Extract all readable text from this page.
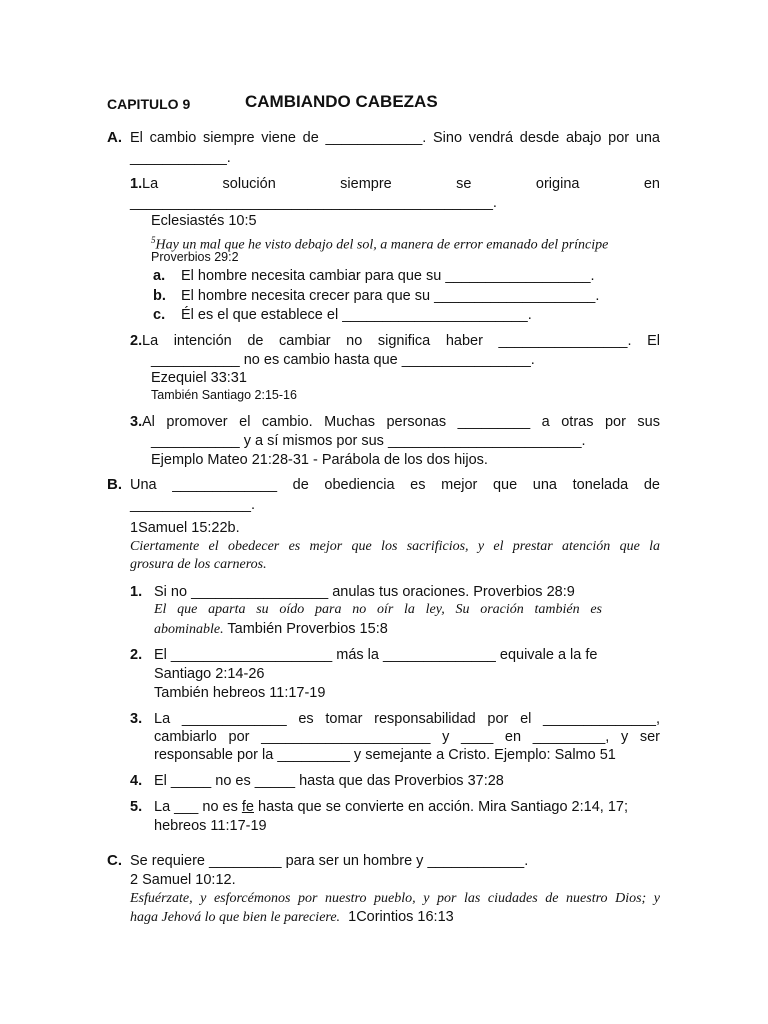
CAPITULO 9	CAMBIANDO CABEZAS
A. El cambio siempre viene de ____________. Sino vendrá desde abajo por una
____________.
1. La solución siempre se origina en
_____________________________________________.
Eclesiastés 10:5
$^5$Hay un mal que he visto debajo del sol, a manera de error emanado del príncipe
Proverbios 29:2
a. El hombre necesita cambiar para que su __________________.
b. El hombre necesita crecer para que su ____________________.
c. Él es el que establece el _______________________.
2. La intención de cambiar no significa haber ________________. El
___________ no es cambio hasta que ________________.
Ezequiel 33:31
También Santiago 2:15-16
3. Al promover el cambio. Muchas personas _________ a otras por sus
___________ y a sí mismos por sus ________________________.
Ejemplo Mateo 21:28-31 - Parábola de los dos hijos.
B. Una _____________ de obediencia es mejor que una tonelada de
_______________.
1Samuel 15:22b.
Ciertamente el obedecer es mejor que los sacrificios, y el prestar atención que la
grosura de los carneros.
1. Si no _________________ anulas tus oraciones. Proverbios 28:9
El que aparta su oído para no oír la ley, Su oración también es
abominable. También Proverbios 15:8
2. El ____________________ más la ______________ equivale a la fe
Santiago 2:14-26
También hebreos 11:17-19
3. La _____________ es tomar responsabilidad por el ______________,
cambiarlo por _____________________ y ____ en _________, y ser
responsable por la _________ y semejante a Cristo. Ejemplo: Salmo 51
4. El _____ no es _____ hasta que das Proverbios 37:28
5. La ___ no es fe hasta que se convierte en acción. Mira Santiago 2:14, 17;
hebreos 11:17-19
C. Se requiere _________ para ser un hombre y ____________.
2 Samuel 10:12.
Esfuérzate, y esforcémonos por nuestro pueblo, y por las ciudades de nuestro Dios; y
haga Jehová lo que bien le pareciere. 1Corintios 16:13
